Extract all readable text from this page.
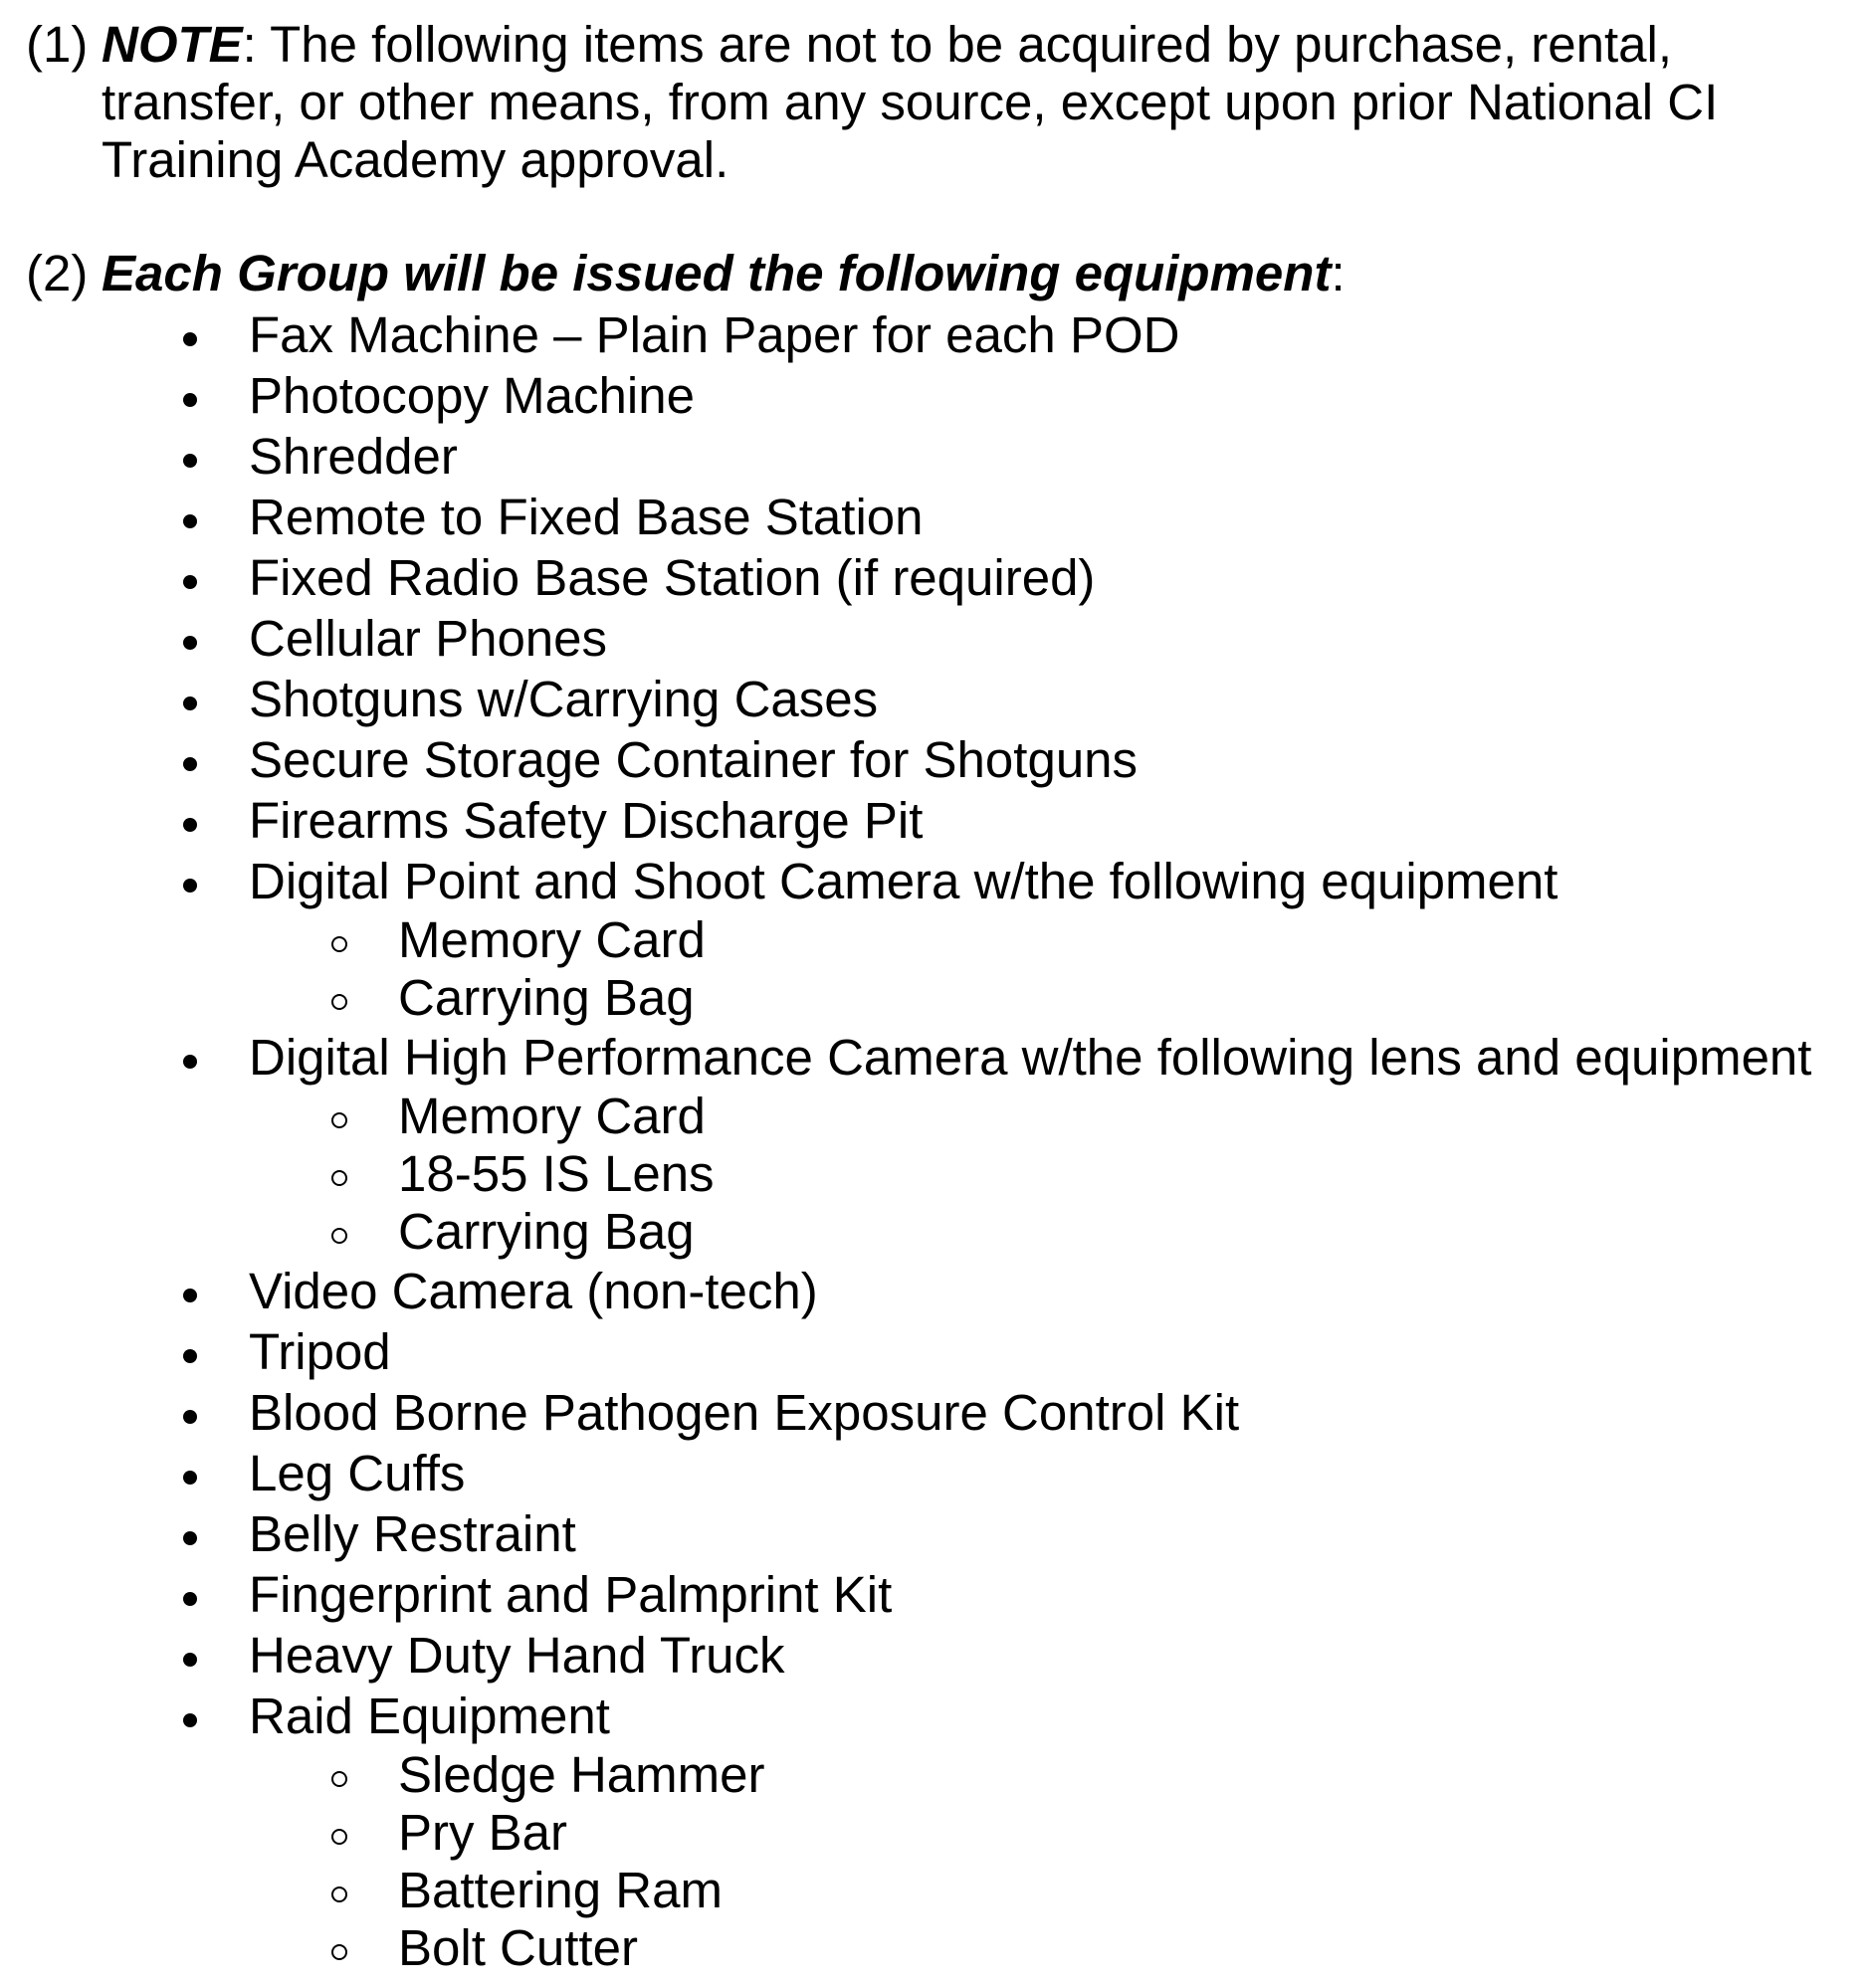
(1) NOTE: The following items are not to be acquired by purchase, rental, transfer, or other means, from any source, except upon prior National CI Training Academy approval.
(2) Each Group will be issued the following equipment:
Fax Machine – Plain Paper for each POD
Photocopy Machine
Shredder
Remote to Fixed Base Station
Fixed Radio Base Station (if required)
Cellular Phones
Shotguns w/Carrying Cases
Secure Storage Container for Shotguns
Firearms Safety Discharge Pit
Digital Point and Shoot Camera w/the following equipment
Memory Card
Carrying Bag
Digital High Performance Camera w/the following lens and equipment
Memory Card
18-55 IS Lens
Carrying Bag
Video Camera (non-tech)
Tripod
Blood Borne Pathogen Exposure Control Kit
Leg Cuffs
Belly Restraint
Fingerprint and Palmprint Kit
Heavy Duty Hand Truck
Raid Equipment
Sledge Hammer
Pry Bar
Battering Ram
Bolt Cutter
